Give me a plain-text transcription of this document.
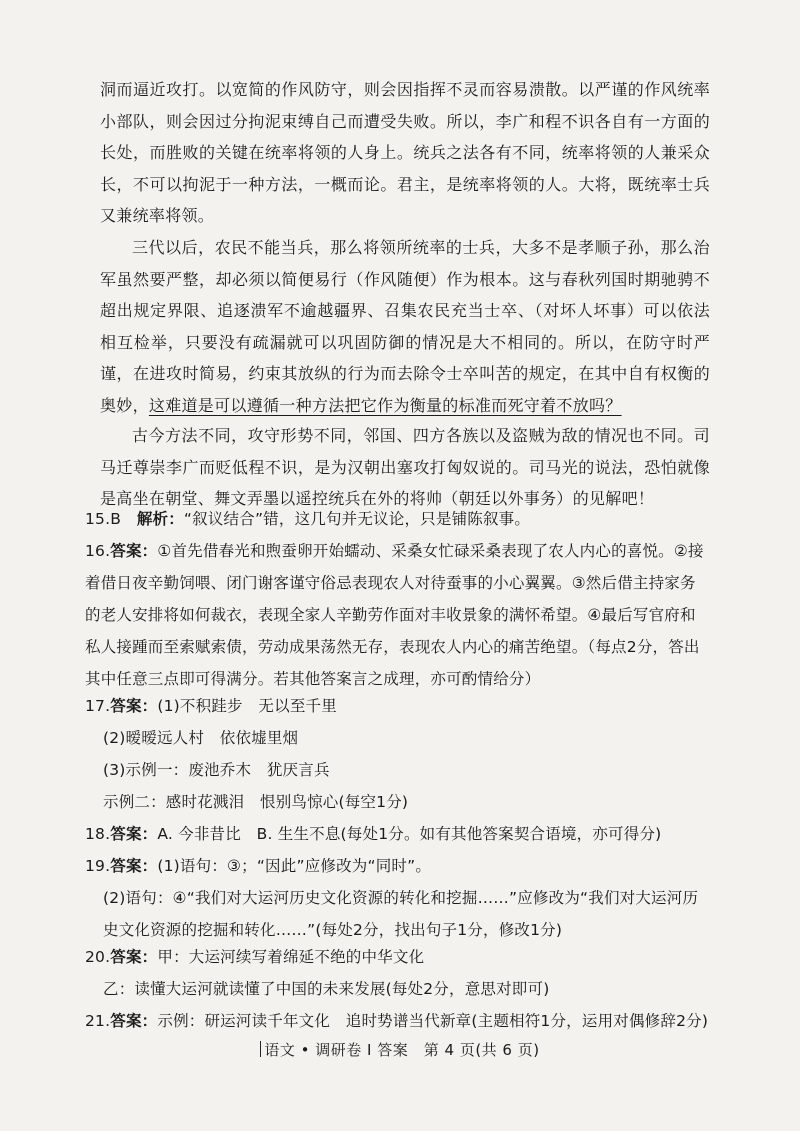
洞而逼近攻打。以宽简的作风防守，则会因指挥不灵而容易溃散。以严谨的作风统率小部队，则会因过分拘泥束缚自己而遭受失败。所以，李广和程不识各自有一方面的长处，而胜败的关键在统率将领的人身上。统兵之法各有不同，统率将领的人兼采众长，不可以拘泥于一种方法，一概而论。君主，是统率将领的人。大将，既统率士兵又兼统率将领。
三代以后，农民不能当兵，那么将领所统率的士兵，大多不是孝顺子孙，那么治军虽然要严整，却必须以简便易行（作风随便）作为根本。这与春秋列国时期驰骋不超出规定界限、追逐溃军不逾越疆界、召集农民充当士卒、（对坏人坏事）可以依法相互检举，只要没有疏漏就可以巩固防御的情况是大不相同的。所以，在防守时严谨，在进攻时简易，约束其放纵的行为而去除令士卒叫苦的规定，在其中自有权衡的奥妙，这难道是可以遵循一种方法把它作为衡量的标准而死守着不放吗？
古今方法不同，攻守形势不同，邻国、四方各族以及盗贼为敌的情况也不同。司马迁尊崇李广而贬低程不识，是为汉朝出塞攻打匈奴说的。司马光的说法，恐怕就像是高坐在朝堂、舞文弄墨以遥控统兵在外的将帅（朝廷以外事务）的见解吧！
15.B　解析：“叙议结合”错，这几句并无议论，只是铺陈叙事。
16.答案：①首先借春光和煦蚕卵开始蠕动、采桑女忙碌采桑表现了农人内心的喜悦。②接着借日夜辛勤饲喂、闭门谢客谨守俗忌表现农人对待蚕事的小心翼翼。③然后借主持家务的老人安排将如何裁衣，表现全家人辛勤劳作面对丰收景象的满怀希望。④最后写官府和私人接踵而至索赋索债，劳动成果荡然无存，表现农人内心的痛苦绝望。（每点2分，答出其中任意三点即可得满分。若其他答案言之成理，亦可酌情给分）
17.答案：(1)不积跬步　无以至千里
(2)暧暧远人村　依依墟里烟
(3)示例一：废池乔木　犹厌言兵
示例二：感时花溅泪　恨别鸟惊心(每空1分)
18.答案：A. 今非昔比　B. 生生不息(每处1分。如有其他答案契合语境，亦可得分)
19.答案：(1)语句：③；“因此”应修改为“同时”。
(2)语句：④“我们对大运河历史文化资源的转化和挖掘……”应修改为“我们对大运河历史文化资源的挖掘和转化……”(每处2分，找出句子1分，修改1分)
20.答案：甲：大运河续写着绵延不绝的中华文化
乙：读懂大运河就读懂了中国的未来发展(每处2分，意思对即可)
21.答案：示例：研运河读千年文化　追时势谱当代新章(主题相符1分，运用对偶修辞2分)
语文 • 调研卷 Ⅰ 答案　第 4 页(共 6 页)
